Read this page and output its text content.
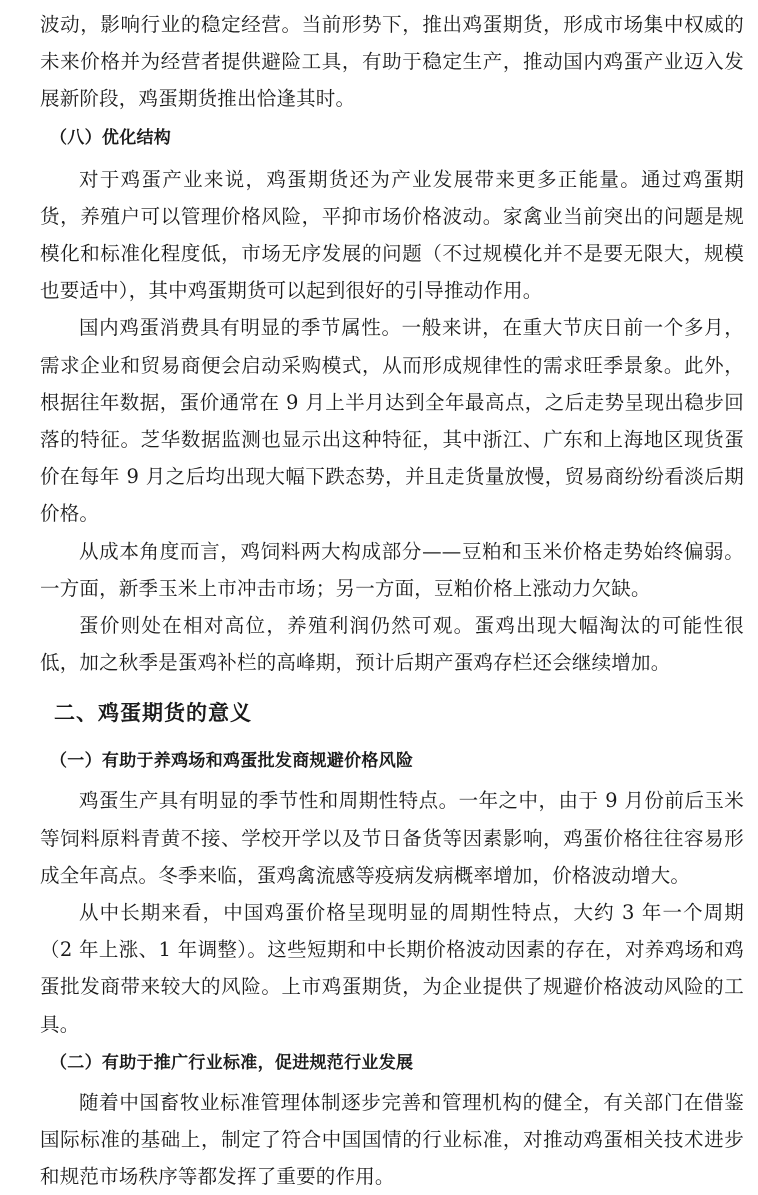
波动，影响行业的稳定经营。当前形势下，推出鸡蛋期货，形成市场集中权威的未来价格并为经营者提供避险工具，有助于稳定生产，推动国内鸡蛋产业迈入发展新阶段，鸡蛋期货推出恰逢其时。

（八）优化结构

对于鸡蛋产业来说，鸡蛋期货还为产业发展带来更多正能量。通过鸡蛋期货，养殖户可以管理价格风险，平抑市场价格波动。家禽业当前突出的问题是规模化和标准化程度低，市场无序发展的问题（不过规模化并不是要无限大，规模也要适中），其中鸡蛋期货可以起到很好的引导推动作用。

国内鸡蛋消费具有明显的季节属性。一般来讲，在重大节庆日前一个多月，需求企业和贸易商便会启动采购模式，从而形成规律性的需求旺季景象。此外，根据往年数据，蛋价通常在 9 月上半月达到全年最高点，之后走势呈现出稳步回落的特征。芝华数据监测也显示出这种特征，其中浙江、广东和上海地区现货蛋价在每年 9 月之后均出现大幅下跌态势，并且走货量放慢，贸易商纷纷看淡后期价格。

从成本角度而言，鸡饲料两大构成部分——豆粕和玉米价格走势始终偏弱。一方面，新季玉米上市冲击市场；另一方面，豆粕价格上涨动力欠缺。

蛋价则处在相对高位，养殖利润仍然可观。蛋鸡出现大幅淘汰的可能性很低，加之秋季是蛋鸡补栏的高峰期，预计后期产蛋鸡存栏还会继续增加。

二、鸡蛋期货的意义
（一）有助于养鸡场和鸡蛋批发商规避价格风险

鸡蛋生产具有明显的季节性和周期性特点。一年之中，由于 9 月份前后玉米等饲料原料青黄不接、学校开学以及节日备货等因素影响，鸡蛋价格往往容易形成全年高点。冬季来临，蛋鸡禽流感等疫病发病概率增加，价格波动增大。

从中长期来看，中国鸡蛋价格呈现明显的周期性特点，大约 3 年一个周期（2 年上涨、1 年调整）。这些短期和中长期价格波动因素的存在，对养鸡场和鸡蛋批发商带来较大的风险。上市鸡蛋期货，为企业提供了规避价格波动风险的工具。

（二）有助于推广行业标准，促进规范行业发展

随着中国畜牧业标准管理体制逐步完善和管理机构的健全，有关部门在借鉴国际标准的基础上，制定了符合中国国情的行业标准，对推动鸡蛋相关技术进步和规范市场秩序等都发挥了重要的作用。
